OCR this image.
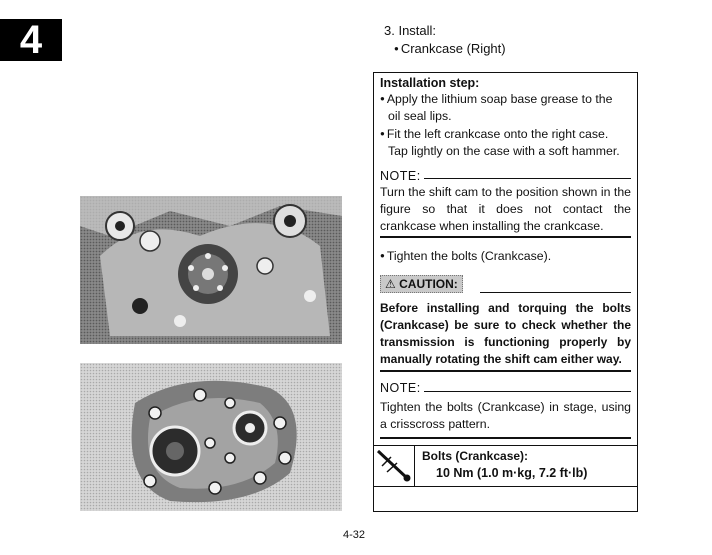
4	3. Install:
● Crankcase (Right)
Installation step:
● Apply the lithium soap base grease to the
oil seal lips.
● Fit the left crankcase onto the right case.
Tap lightly on the case with a soft hammer.
NOTE:
Turn the shift cam to the position shown in the figure so that it does not contact the crankcase when installing the crankcase.
● Tighten the bolts (Crankcase).
⚠ CAUTION:
Before installing and torquing the bolts (Crankcase) be sure to check whether the transmission is functioning properly by manually rotating the shift cam either way.
NOTE:
Tighten the bolts (Crankcase) in stage, using a crisscross pattern.
Bolts (Crankcase):
10 Nm (1.0 m·kg, 7.2 ft·lb)
4-32
